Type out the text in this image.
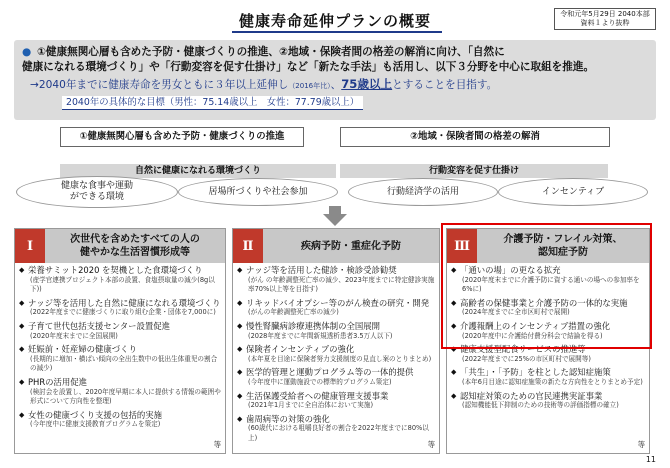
健康寿命延伸プランの概要	令和元年5月29日 2040本部 資料１より抜粋
● ①健康無関心層も含めた予防・健康づくりの推進、②地域・保険者間の格差の解消に向け、「自然に
健康になれる環境づくり」や「行動変容を促す仕掛け」など「新たな手法」も活用し、以下３分野を中心に取組を推進。
→2040年までに健康寿命を男女ともに３年以上延伸し（2016年比）、75歳以上とすることを目指す。
2040年の具体的な目標（男性：75.14歳以上　女性：77.79歳以上）
①健康無関心層も含めた予防・健康づくりの推進	②地域・保険者間の格差の解消
自然に健康になれる環境づくり	行動変容を促す仕掛け
健康な食事や運動
ができる環境
居場所づくりや社会参加	行動経済学の活用	インセンティブ
Ⅰ	次世代を含めたすべての人の
健やかな生活習慣形成等
◆ 栄養サミット2020 を契機とした食環境づくり
(産学官連携プロジェクト本部の設置、食塩摂取量の減少(8g以下))
◆ ナッジ等を活用した自然に健康になれる環境づくり
(2022年度までに健康づくりに取り組む企業・団体を7,000に)
◆ 子育て世代包括支援センター設置促進
(2020年度末までに全国展開)
◆ 妊娠前・妊産婦の健康づくり
(長期的に増加・横ばい傾向の全出生数中の低出生体重児の割合の減少)
◆ PHRの活用促進
(検討会を設置し、2020年度早期に本人に提供する情報の範囲や形式について方向性を整理)
◆ 女性の健康づくり支援の包括的実施
(今年度中に健康支援教育プログラムを策定)
等
Ⅱ	疾病予防・重症化予防
◆ ナッジ等を活用した健診・検診受診勧奨
(がん の年齢調整死亡率の減少、2023年度までに特定健診実施率70%以上等を目指す)
◆ リキッドバイオプシー等のがん検査の研究・開発
(がんの年齢調整死亡率の減少)
◆ 慢性腎臓病診療連携体制の全国展開
(2028年度までに年間新規透析患者3.5万人以下)
◆ 保険者インセンティブの強化
(本年夏を目途に保険者努力支援制度の見直し案のとりまとめ)
◆ 医学的管理と運動プログラム等の一体的提供
(今年度中に運動施設での標準的プログラム策定)
◆ 生活保護受給者への健康管理支援事業
(2021年1月までに全自治体において実施)
◆ 歯周病等の対策の強化
(60歳代における咀嚼良好者の割合を2022年度までに80%以上)
等
Ⅲ	介護予防・フレイル対策、
認知症予防
◆ 「通いの場」の更なる拡充
(2020年度末までに介護予防に資する通いの場への参加率を6%に)
◆ 高齢者の保健事業と介護予防の一体的な実施
(2024年度までに全市区町村で展開)
◆ 介護報酬上のインセンティブ措置の強化
(2020年度中に介護給付費分科会で結論を得る)
◆ 健康支援型配食サービスの推進等
(2022年度までに25%の市区町村で展開等)
◆ 「共生」・「予防」を柱とした認知症施策
(本年6月目途に認知症施策の新たな方向性をとりまとめ予定)
◆ 認知症対策のための官民連携実証事業
(認知機能低下抑制のための技術等の評価指標の確立)
等
11
